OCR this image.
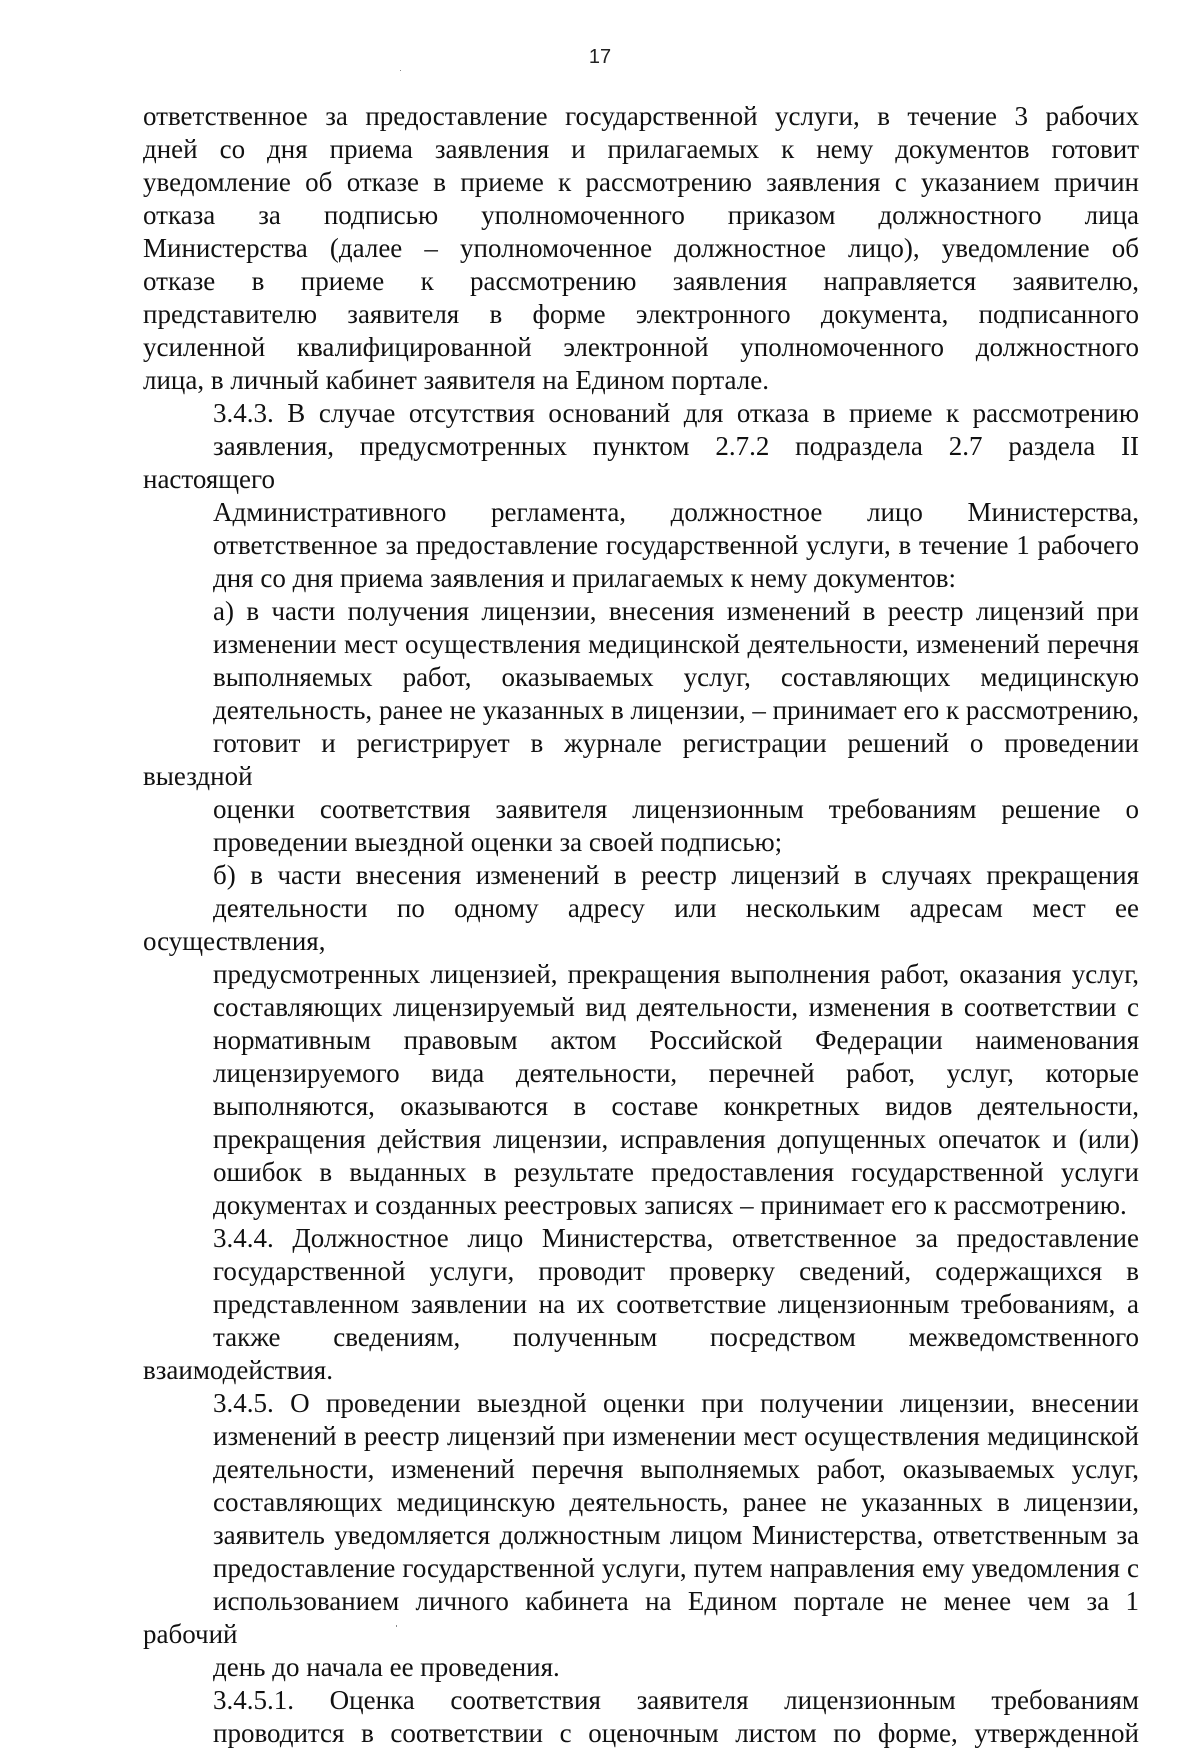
17

ответственное за предоставление государственной услуги, в течение 3 рабочих
дней со дня приема заявления и прилагаемых к нему документов готовит
уведомление об отказе в приеме к рассмотрению заявления с указанием причин
отказа за подписью уполномоченного приказом должностного лица
Министерства (далее – уполномоченное должностное лицо), уведомление об
отказе в приеме к рассмотрению заявления направляется заявителю,
представителю заявителя в форме электронного документа, подписанного
усиленной квалифицированной электронной уполномоченного должностного
лица, в личный кабинет заявителя на Едином портале.

3.4.3. В случае отсутствия оснований для отказа в приеме к рассмотрению
заявления, предусмотренных пунктом 2.7.2 подраздела 2.7 раздела II настоящего
Административного регламента, должностное лицо Министерства,
ответственное за предоставление государственной услуги, в течение 1 рабочего
дня со дня приема заявления и прилагаемых к нему документов:

а) в части получения лицензии, внесения изменений в реестр лицензий при
изменении мест осуществления медицинской деятельности, изменений перечня
выполняемых работ, оказываемых услуг, составляющих медицинскую
деятельность, ранее не указанных в лицензии, – принимает его к рассмотрению,
готовит и регистрирует в журнале регистрации решений о проведении выездной
оценки соответствия заявителя лицензионным требованиям решение о
проведении выездной оценки за своей подписью;

б) в части внесения изменений в реестр лицензий в случаях прекращения
деятельности по одному адресу или нескольким адресам мест ее осуществления,
предусмотренных лицензией, прекращения выполнения работ, оказания услуг,
составляющих лицензируемый вид деятельности, изменения в соответствии с
нормативным правовым актом Российской Федерации наименования
лицензируемого вида деятельности, перечней работ, услуг, которые
выполняются, оказываются в составе конкретных видов деятельности,
прекращения действия лицензии, исправления допущенных опечаток и (или)
ошибок в выданных в результате предоставления государственной услуги
документах и созданных реестровых записях – принимает его к рассмотрению.

3.4.4. Должностное лицо Министерства, ответственное за предоставление
государственной услуги, проводит проверку сведений, содержащихся в
представленном заявлении на их соответствие лицензионным требованиям, а
также сведениям, полученным посредством межведомственного взаимодействия.

3.4.5. О проведении выездной оценки при получении лицензии, внесении
изменений в реестр лицензий при изменении мест осуществления медицинской
деятельности, изменений перечня выполняемых работ, оказываемых услуг,
составляющих медицинскую деятельность, ранее не указанных в лицензии,
заявитель уведомляется должностным лицом Министерства, ответственным за
предоставление государственной услуги, путем направления ему уведомления с
использованием личного кабинета на Едином портале не менее чем за 1 рабочий
день до начала ее проведения.

3.4.5.1. Оценка соответствия заявителя лицензионным требованиям
проводится в соответствии с оценочным листом по форме, утвержденной
